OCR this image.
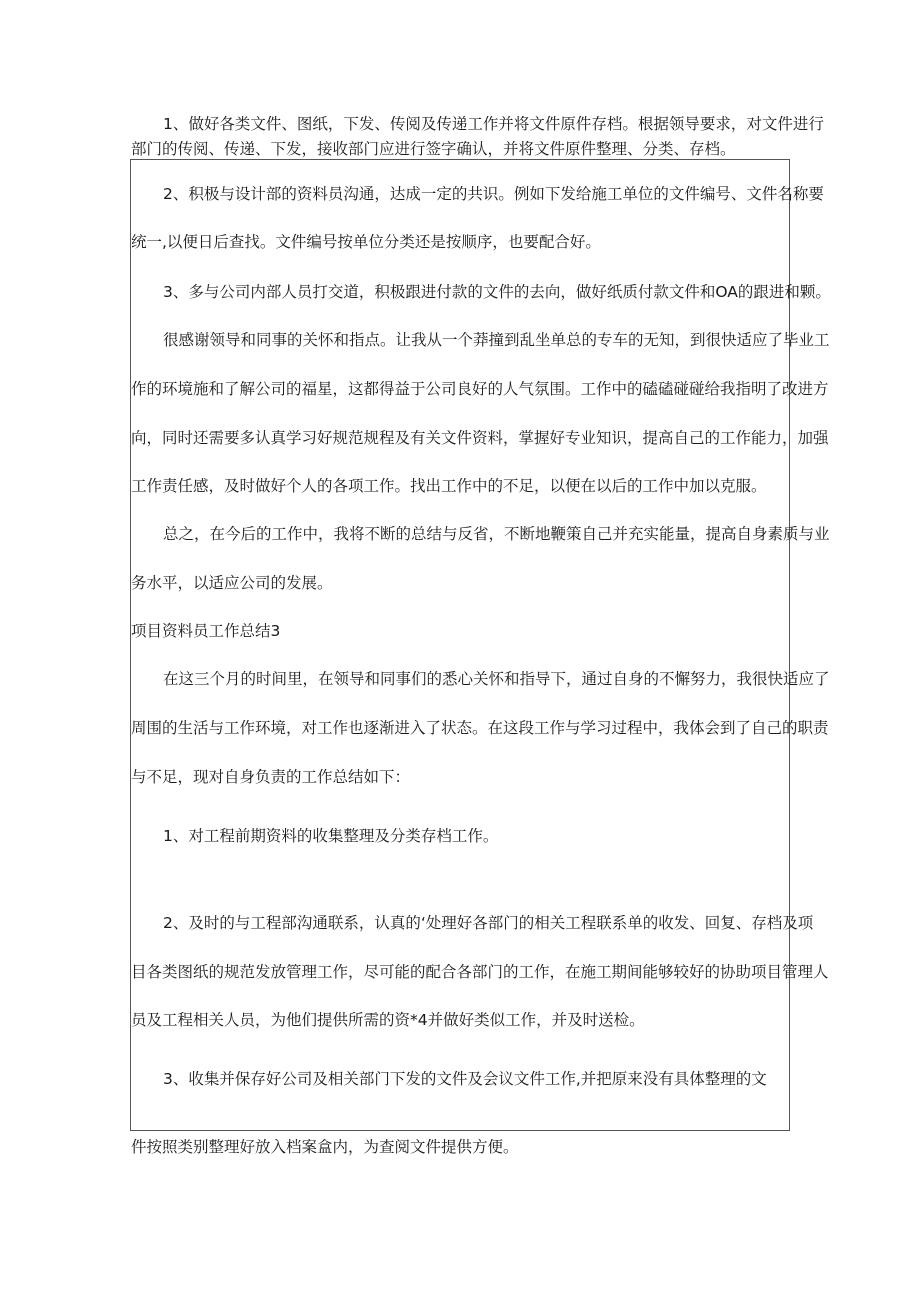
1、做好各类文件、图纸，下发、传阅及传递工作并将文件原件存档。根据领导要求，对文件进行
部门的传阅、传递、下发，接收部门应进行签字确认，并将文件原件整理、分类、存档。
2、积极与设计部的资料员沟通，达成一定的共识。例如下发给施工单位的文件编号、文件名称要
统一,以便日后查找。文件编号按单位分类还是按顺序，也要配合好。
3、多与公司内部人员打交道，积极跟进付款的文件的去向，做好纸质付款文件和OA的跟进和颗。
很感谢领导和同事的关怀和指点。让我从一个莽撞到乱坐单总的专车的无知，到很快适应了毕业工
作的环境施和了解公司的福星，这都得益于公司良好的人气氛围。工作中的磕磕碰碰给我指明了改进方
向，同时还需要多认真学习好规范规程及有关文件资料，掌握好专业知识，提高自己的工作能力，加强
工作责任感，及时做好个人的各项工作。找出工作中的不足，以便在以后的工作中加以克服。
总之，在今后的工作中，我将不断的总结与反省，不断地鞭策自己并充实能量，提高自身素质与业
务水平，以适应公司的发展。
项目资料员工作总结3
在这三个月的时间里，在领导和同事们的悉心关怀和指导下，通过自身的不懈努力，我很快适应了
周围的生活与工作环境，对工作也逐渐进入了状态。在这段工作与学习过程中，我体会到了自己的职责
与不足，现对自身负责的工作总结如下：
1、对工程前期资料的收集整理及分类存档工作。
2、及时的与工程部沟通联系，认真的‘处理好各部门的相关工程联系单的收发、回复、存档及项
目各类图纸的规范发放管理工作，尽可能的配合各部门的工作，在施工期间能够较好的协助项目管理人
员及工程相关人员，为他们提供所需的资*4并做好类似工作，并及时送检。
3、收集并保存好公司及相关部门下发的文件及会议文件工作,并把原来没有具体整理的文
件按照类别整理好放入档案盒内，为查阅文件提供方便。
